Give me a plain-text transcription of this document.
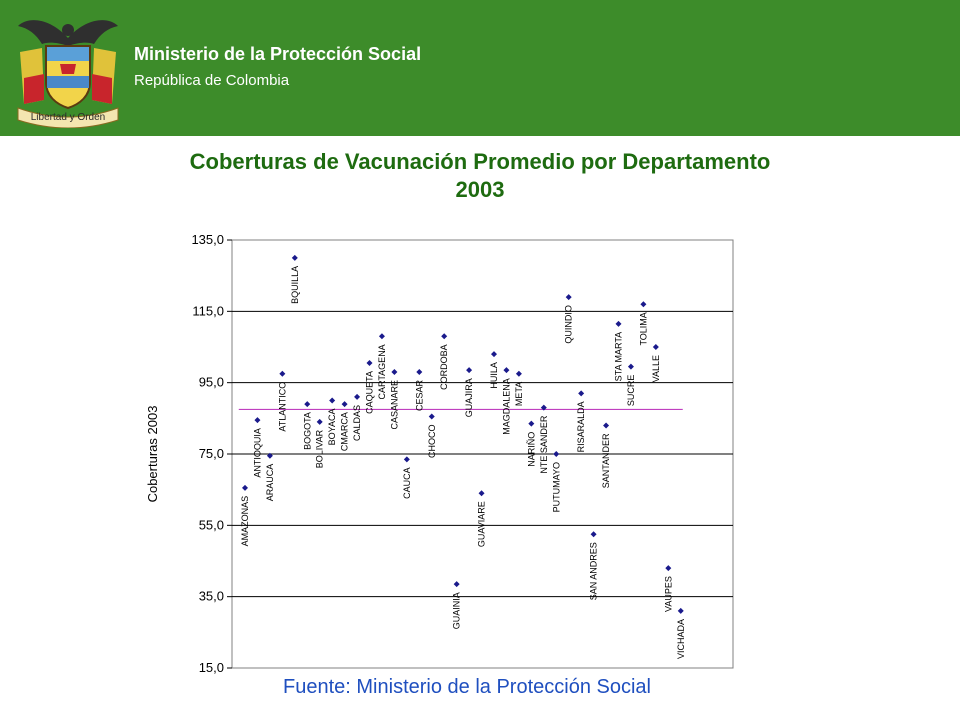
Libertad y Orden
Ministerio de la Protección Social
República de Colombia
Coberturas de Vacunación Promedio por Departamento
2003
15,0
35,0
55,0
75,0
95,0
115,0
135,0
Coberturas 2003
AMAZONAS
ANTIOQUIA
ARAUCA
ATLANTICO
BQUILLA
BOGOTA BOLIVAR
BOYACA CMARCA CALDAS
CAQUETA CARTAGENA
CASANARE
CAUCA
CESAR
CHOCO
CORDOBA
GUAINIA
GUAJIRA
GUAVIARE
HUILA
MAGDALENA META
NARIÑO NTE SANDER
PUTUMAYO
QUINDIO
RISARALDA
SAN ANDRES
SANTANDER
STA MARTA
SUCRE
TOLIMA
VALLE
VAUPES
VICHADA
Fuente: Ministerio de la Protección Social
